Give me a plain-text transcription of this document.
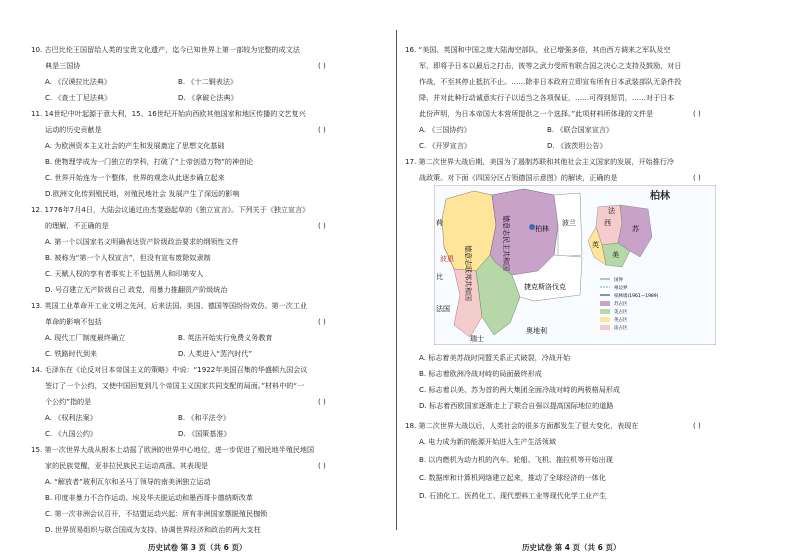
10. 古巴比伦王国留给人类的宝贵文化遗产，迄今已知世界上第一部较为完整的成文法
典是三国协	( )
A. 《汉谟拉比法典》	B. 《十二铜表法》
C. 《查士丁尼法典》	D. 《拿破仑法典》
11. 14世纪中叶起源于意大利，15、16世纪开始向西欧其他国家和地区传播的文艺复兴
运动的历史贡献是	( )
A. 为欧洲资本主义社会的产生和发展奠定了思想文化基础
B. 使物理学成为一门独立的学科，打破了“上帝创造万物”的神创论
C. 世界开始连为一个整体，世界的观念从此逐步确立起来
D.欧洲文化传到殖民地，对殖民地社会 发展产生了深远的影响
12. 1776年7月4日，大陆会议通过由杰斐逊起草的《独立宣言》。下列关于《独立宣言》
的理解，不正确的是	( )
A. 第一个以国家名义明确表达资产阶级政治要求的纲领性文件
B. 被称为“第一个人权宣言”，但没有宣布废除奴隶制
C. 天赋人权的享有者事实上不包括黑人和印第安人
D. 号召建立无产阶级自己 政党，用暴力推翻资产阶级统治
13. 英国工业革命开工业文明之先河，后来法国、美国、德国等国纷纷效仿。第一次工业
革命的影响不包括	( )
A. 现代工厂制度最终确立	B. 英法开始实行免费义务教育
C. 铁路时代到来	D. 人类进入“蒸汽时代”
14. 毛泽东在《论反对日本帝国主义的策略》中说：“1922年美国召集的华盛顿九国会议
签订了一个公约，又使中国回复到几个帝国主义国家共同支配的局面。”材料中的“一
个公约”指的是	( )
A. 《权利法案》	B. 《和平法令》
C. 《九国公约》	D. 《国策基准》
15. 第一次世界大战从根本上动摇了欧洲的世界中心地位，进一步促进了殖民地半殖民地国
家的民族觉醒，亚非拉民族民主运动高涨。其表现是	( )
A. “解放者”玻利瓦尔和圣马丁领导的南美洲独立运动
B. 印度非暴力不合作运动、埃及华夫脱运动和墨西哥卡德纳斯改革
C. 第一次非洲会议召开，不结盟运动兴起：所有非洲国家摆脱殖民枷锁
D. 世界贸易组织与联合国成为支持、协调世界经济和政治的两大支柱
历史试卷 第 3 页（共 6 页）
16. “美国、英国和中国之庞大陆海空部队，业已增强多倍，其由西方调来之军队及空
军，即将予日本以最后之打击，彼等之武力受所有联合国之决心之支持及鼓励，对日
作战，不至其停止抵抗不止。……除非日本政府立即宣布所有日本武装部队无条件投
降，并对此种行动诚意实行子以适当之各项保证，……可得到惩罚，……对于日本
此份声明，为日本帝国大本营所提供之一个选择。”此项材料所体现的文件是	( )
A. 《三国协约》	B. 《联合国家宣言》
C. 《开罗宣言》	D. 《波茨坦公告》
17. 第二次世界大战后期，美国为了遏制苏联和其他社会主义国家的发展，开始推行冷
战政策。对下面《四国分区占领德国示意图》的解读，正确的是	( )
柏林
波兰
德意志民主共和国
德意志联邦共和国
波恩
捷克斯洛伐克
瑞士
奥地利
法国
荷
比
柏林
西
英
美
苏
法
国界
州边界
柏林墙(1961—1989)
苏占区
美占区
英占区
法占区
A. 标志着美苏战时同盟关系正式破裂，冷战开始
B. 标志着欧洲冷战对峙的局面最终形成
C. 标志着以美、苏为首的两大集团全面冷战对峙的两极格局形成
D. 标志着西欧国家逐渐走上了联合自强以提高国际地位的道路
18. 第二次世界大战以后，人类社会的很多方面都发生了很大变化，表现在	( )
A. 电力成为新的能源开始进入生产生活领域
B. 以内燃机为动力机的汽车、轮船、飞机、拖拉机等开始出现
C. 数据库和计算机网络建立起来，推动了全球经济的一体化
D. 石油化工、医药化工、现代塑料工业等现代化学工业产生
历史试卷 第 4 页（共 6 页）
